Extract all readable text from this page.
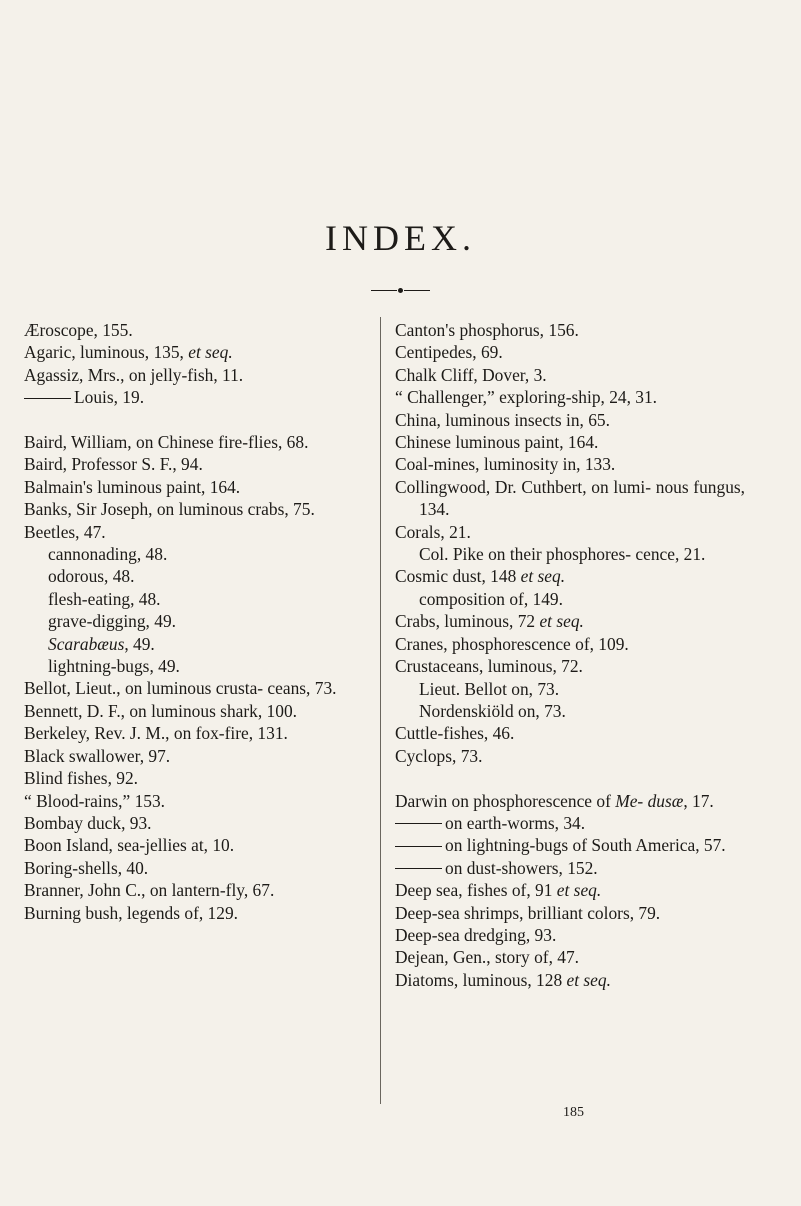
INDEX.

Æroscope, 155.

Agaric, luminous, 135, et seq.

Agassiz, Mrs., on jelly-fish, 11.

Louis, 19.

Baird, William, on Chinese fire-flies, 68.

Baird, Professor S. F., 94.

Balmain's luminous paint, 164.

Banks, Sir Joseph, on luminous crabs, 75.

Beetles, 47.

cannonading, 48.

odorous, 48.

flesh-eating, 48.

grave-digging, 49.

Scarabæus, 49.

lightning-bugs, 49.

Bellot, Lieut., on luminous crusta- ceans, 73.

Bennett, D. F., on luminous shark, 100.

Berkeley, Rev. J. M., on fox-fire, 131.

Black swallower, 97.

Blind fishes, 92.

“ Blood-rains,” 153.

Bombay duck, 93.

Boon Island, sea-jellies at, 10.

Boring-shells, 40.

Branner, John C., on lantern-fly, 67.

Burning bush, legends of, 129.

Canton's phosphorus, 156.

Centipedes, 69.

Chalk Cliff, Dover, 3.

“ Challenger,” exploring-ship, 24, 31.

China, luminous insects in, 65.

Chinese luminous paint, 164.

Coal-mines, luminosity in, 133.

Collingwood, Dr. Cuthbert, on lumi- nous fungus, 134.

Corals, 21.

Col. Pike on their phosphores- cence, 21.

Cosmic dust, 148 et seq.

composition of, 149.

Crabs, luminous, 72 et seq.

Cranes, phosphorescence of, 109.

Crustaceans, luminous, 72.

Lieut. Bellot on, 73.

Nordenskiöld on, 73.

Cuttle-fishes, 46.

Cyclops, 73.

Darwin on phosphorescence of Me- dusæ, 17.

on earth-worms, 34.

on lightning-bugs of South America, 57.

on dust-showers, 152.

Deep sea, fishes of, 91 et seq.

Deep-sea shrimps, brilliant colors, 79.

Deep-sea dredging, 93.

Dejean, Gen., story of, 47.

Diatoms, luminous, 128 et seq.

185
